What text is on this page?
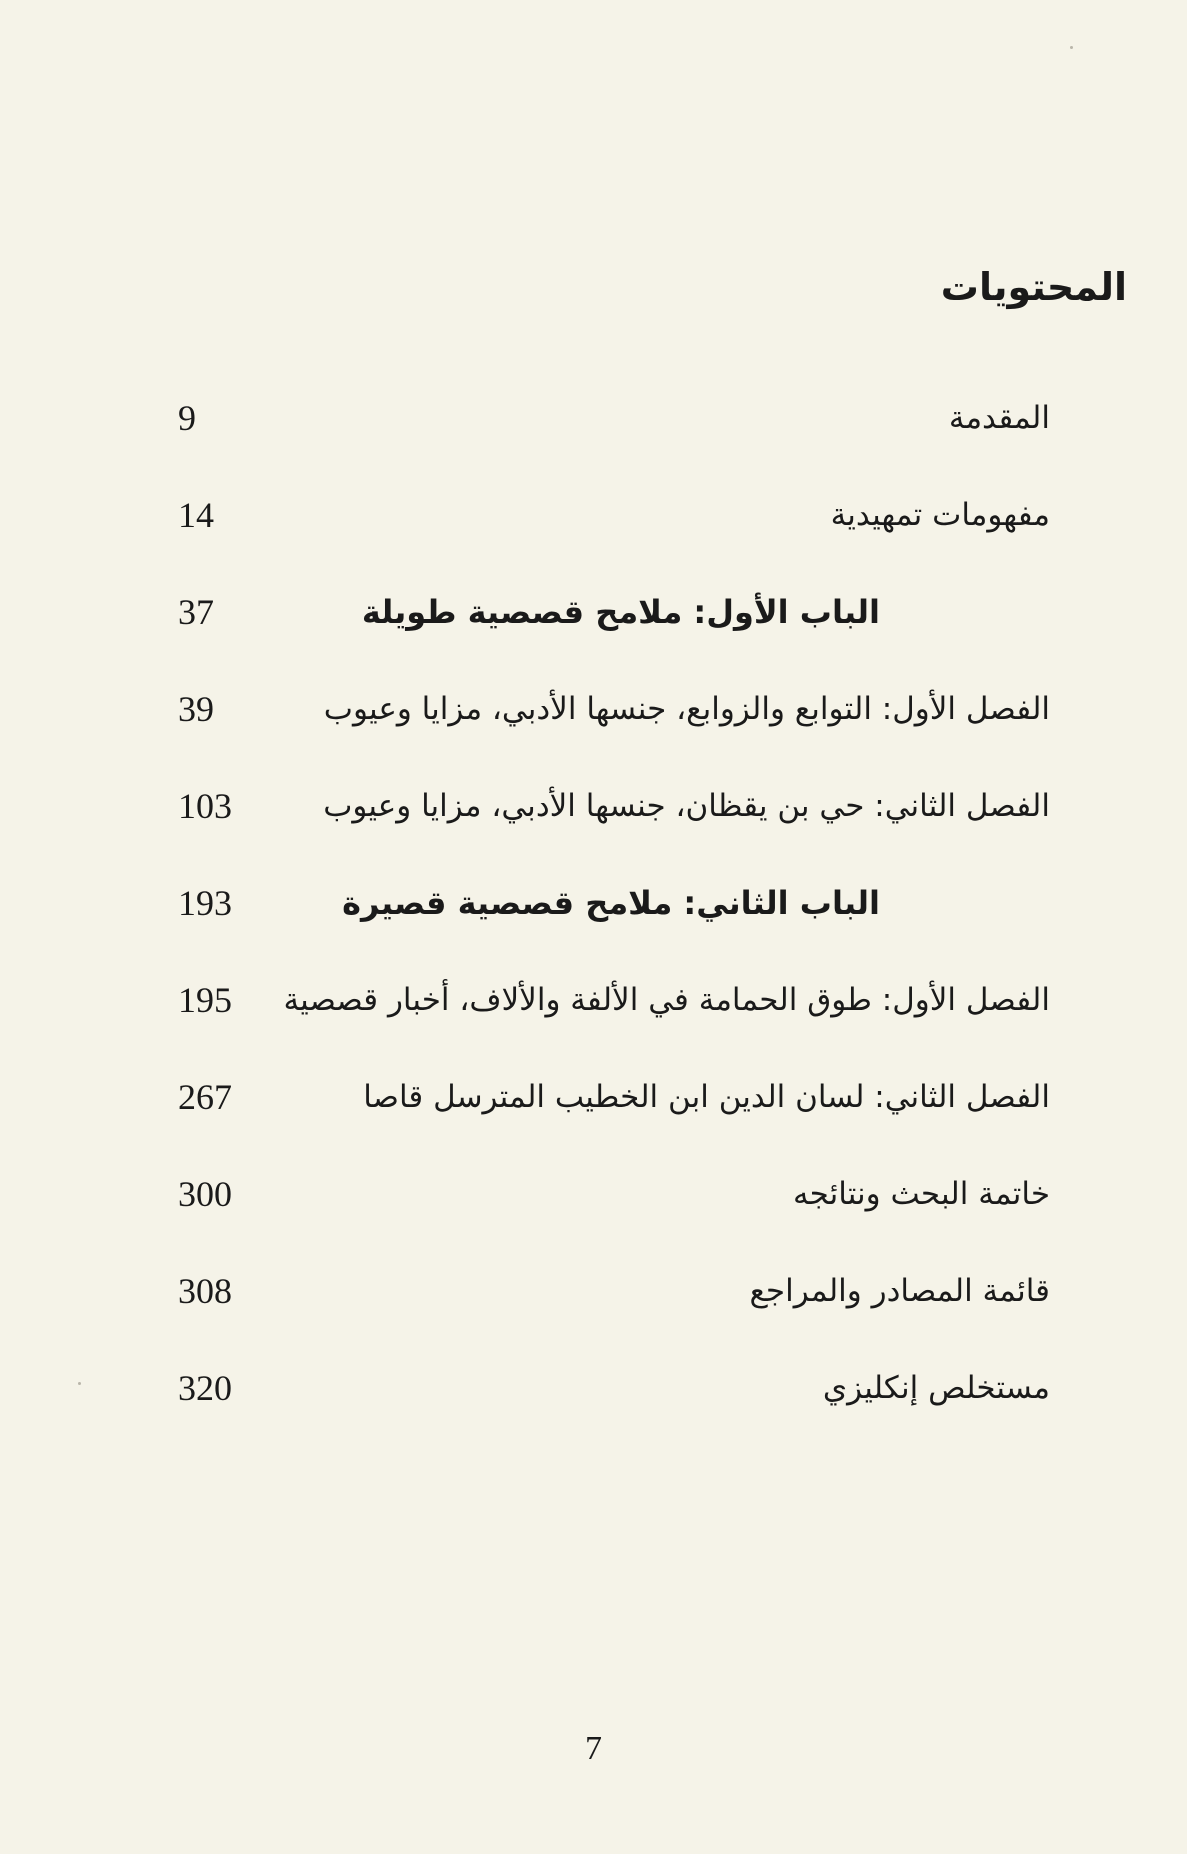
المحتويات
9	المقدمة
14	مفهومات تمهيدية
37	الباب الأول: ملامح قصصية طويلة
39	الفصل الأول: التوابع والزوابع، جنسها الأدبي، مزايا وعيوب
103	الفصل الثاني: حي بن يقظان، جنسها الأدبي، مزايا وعيوب
193	الباب الثاني: ملامح قصصية قصيرة
195 الفصل الأول: طوق الحمامة في الألفة والألاف، أخبار قصصية
267	الفصل الثاني: لسان الدين ابن الخطيب المترسل قاصا
300	خاتمة البحث ونتائجه
308	قائمة المصادر والمراجع
320	مستخلص إنكليزي
7
